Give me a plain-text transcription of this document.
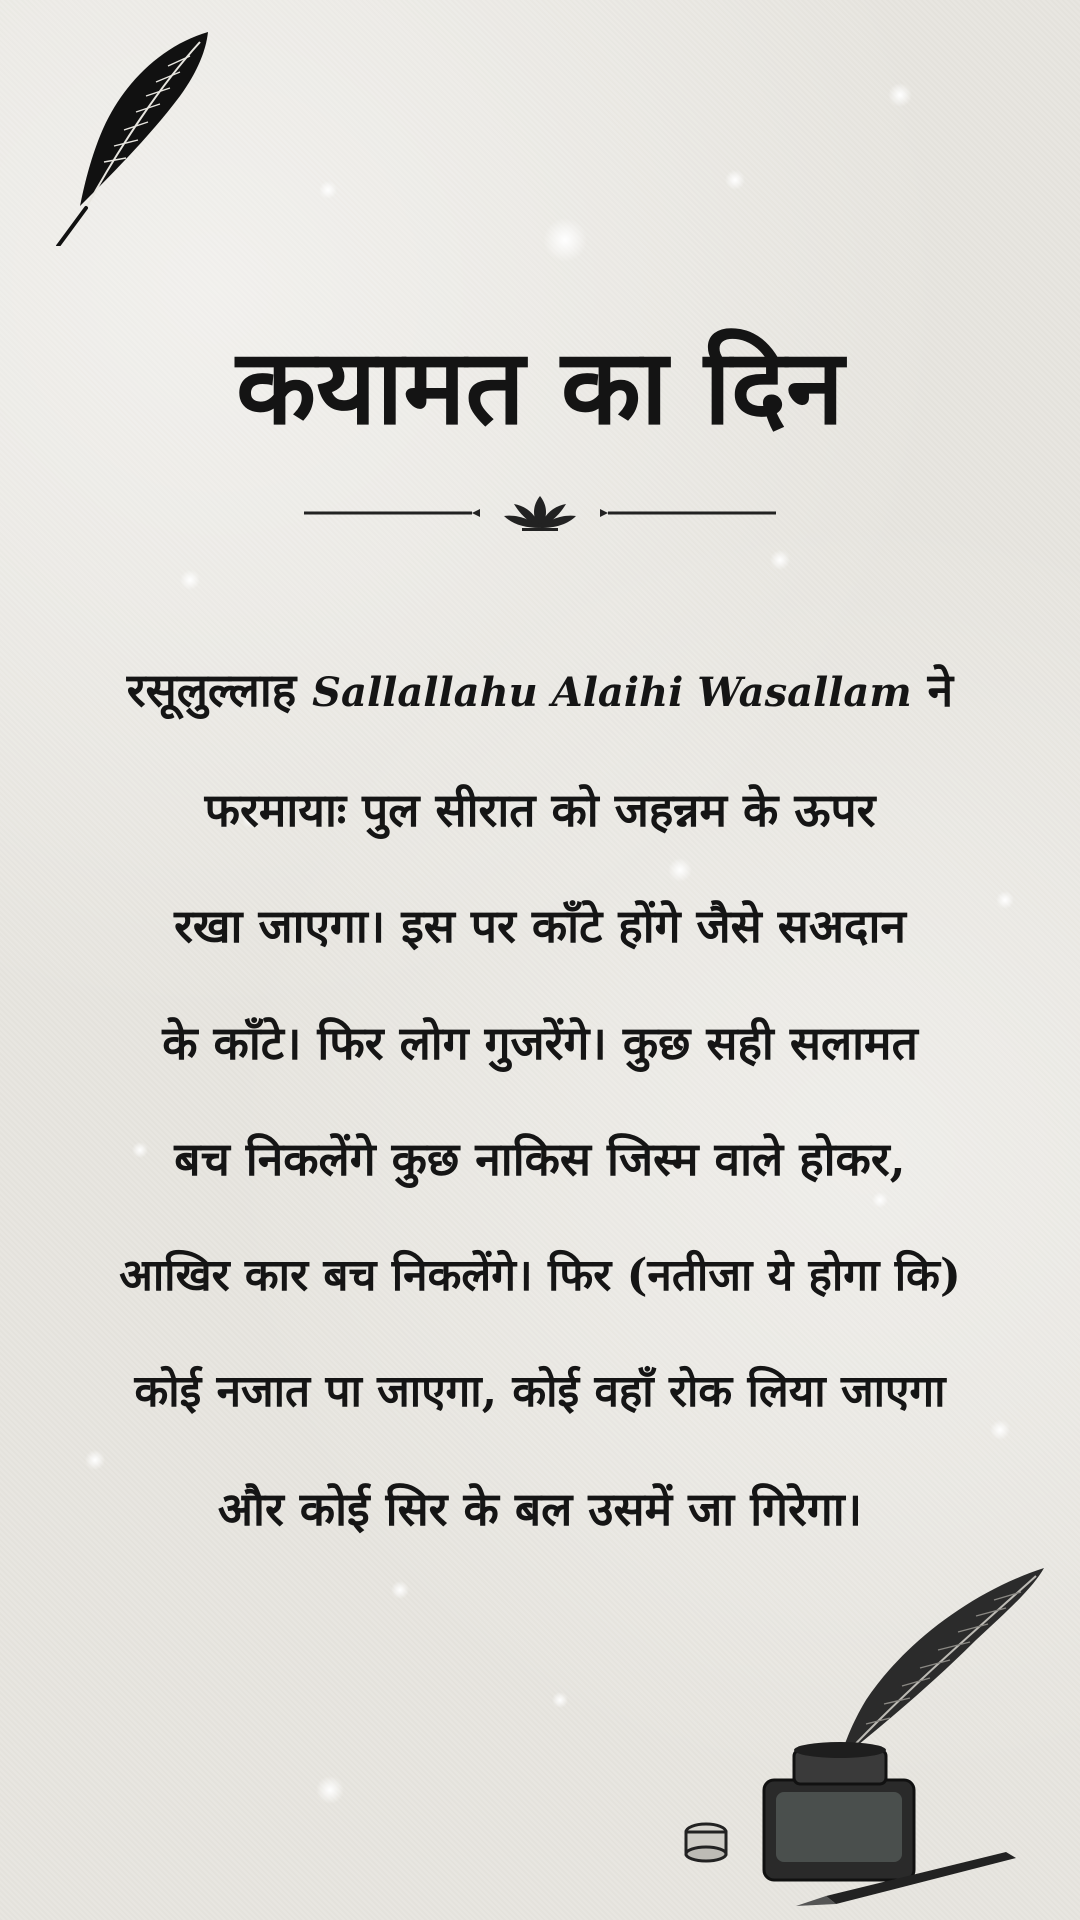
कयामत का दिन

रसूलुल्लाह Sallallahu Alaihi Wasallam ने

फरमायाः पुल सीरात को जहन्नम के ऊपर

रखा जाएगा। इस पर काँटे होंगे जैसे सअदान

के काँटे। फिर लोग गुजरेंगे। कुछ सही सलामत

बच निकलेंगे कुछ नाकिस जिस्म वाले होकर,

आखिर कार बच निकलेंगे। फिर (नतीजा ये होगा कि)

कोई नजात पा जाएगा, कोई वहाँ रोक लिया जाएगा

और कोई सिर के बल उसमें जा गिरेगा।
